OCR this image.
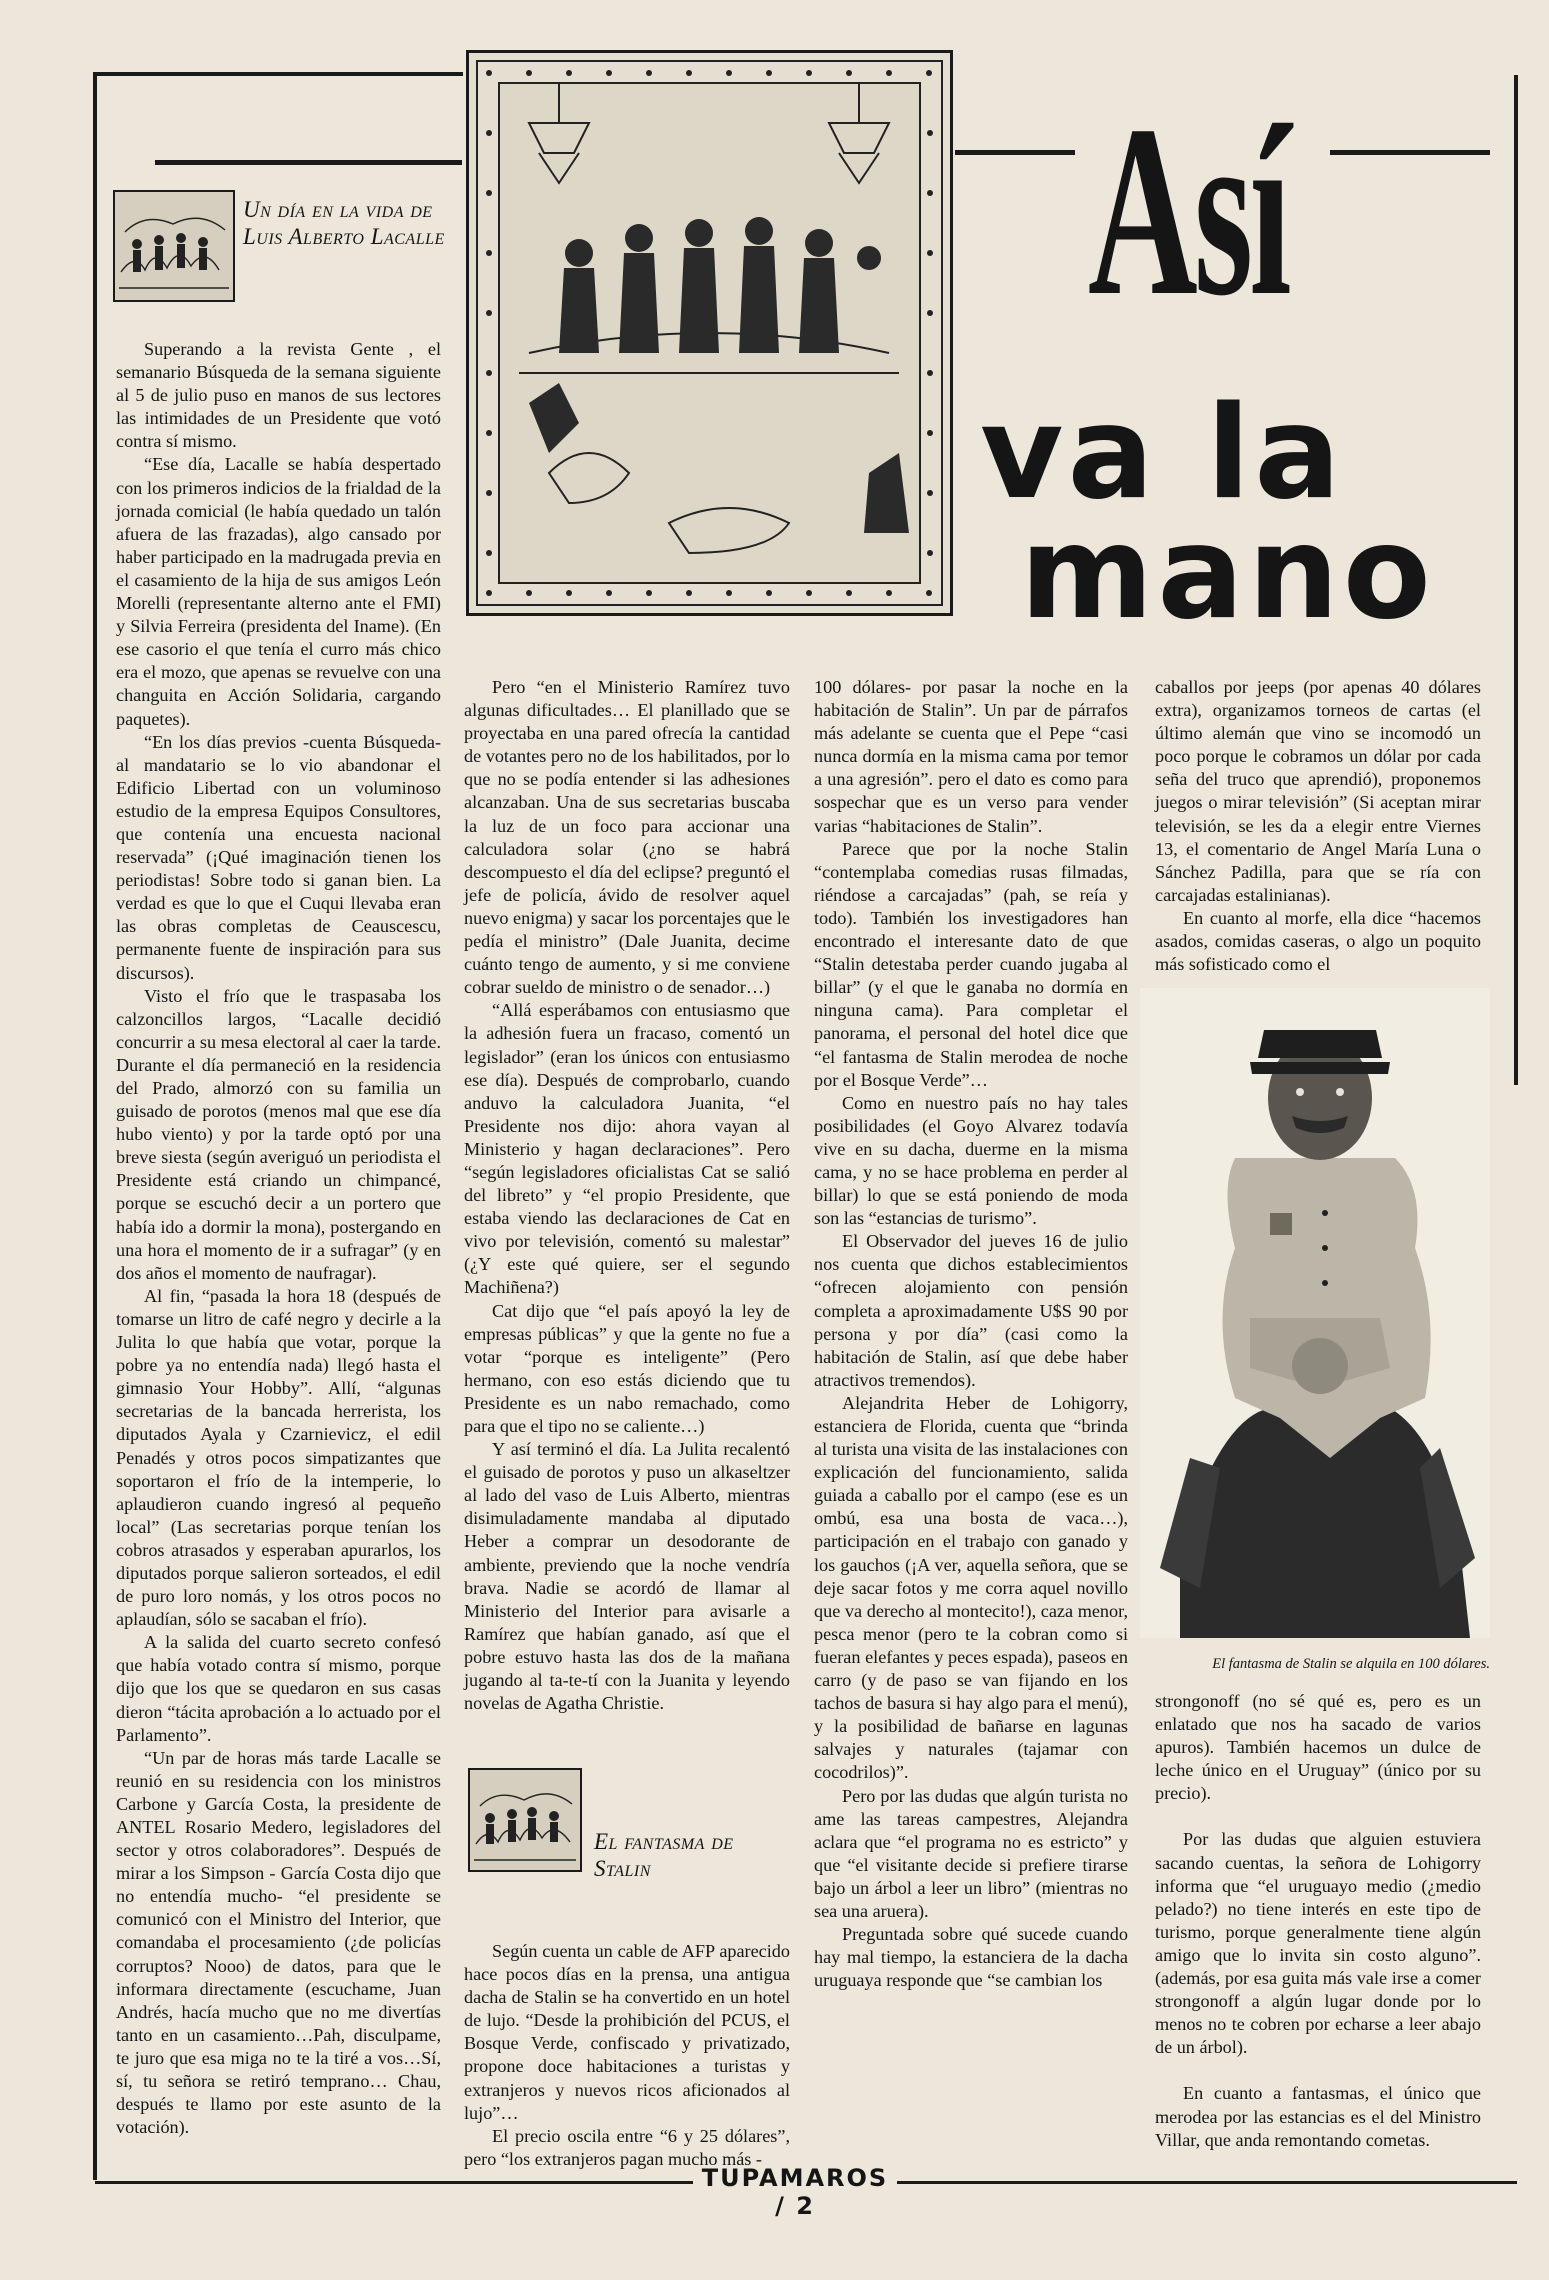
Un día en la vida de Luis Alberto Lacalle	Así
va la
mano

Superando a la revista Gente , el semanario Búsqueda de la semana siguiente al 5 de julio puso en manos de sus lectores las intimidades de un Presidente que votó contra sí mismo.

“Ese día, Lacalle se había despertado con los primeros indicios de la frialdad de la jornada comicial (le había quedado un talón afuera de las frazadas), algo cansado por haber participado en la madrugada previa en el casamiento de la hija de sus amigos León Morelli (representante alterno ante el FMI) y Silvia Ferreira (presidenta del Iname). (En ese casorio el que tenía el curro más chico era el mozo, que apenas se revuelve con una changuita en Acción Solidaria, cargando paquetes).

“En los días previos -cuenta Búsqueda- al mandatario se lo vio abandonar el Edificio Libertad con un voluminoso estudio de la empresa Equipos Consultores, que contenía una encuesta nacional reservada” (¡Qué imaginación tienen los periodistas! Sobre todo si ganan bien. La verdad es que lo que el Cuqui llevaba eran las obras completas de Ceauscescu, permanente fuente de inspiración para sus discursos).

Visto el frío que le traspasaba los calzoncillos largos, “Lacalle decidió concurrir a su mesa electoral al caer la tarde. Durante el día permaneció en la residencia del Prado, almorzó con su familia un guisado de porotos (menos mal que ese día hubo viento) y por la tarde optó por una breve siesta (según averiguó un periodista el Presidente está criando un chimpancé, porque se escuchó decir a un portero que había ido a dormir la mona), postergando en una hora el momento de ir a sufragar” (y en dos años el momento de naufragar).

Al fin, “pasada la hora 18 (después de tomarse un litro de café negro y decirle a la Julita lo que había que votar, porque la pobre ya no entendía nada) llegó hasta el gimnasio Your Hobby”. Allí, “algunas secretarias de la bancada herrerista, los diputados Ayala y Czarnievicz, el edil Penadés y otros pocos simpatizantes que soportaron el frío de la intemperie, lo aplaudieron cuando ingresó al pequeño local” (Las secretarias porque tenían los cobros atrasados y esperaban apurarlos, los diputados porque salieron sorteados, el edil de puro loro nomás, y los otros pocos no aplaudían, sólo se sacaban el frío).

A la salida del cuarto secreto confesó que había votado contra sí mismo, porque dijo que los que se quedaron en sus casas dieron “tácita aprobación a lo actuado por el Parlamento”.

“Un par de horas más tarde Lacalle se reunió en su residencia con los ministros Carbone y García Costa, la presidente de ANTEL Rosario Medero, legisladores del sector y otros colaboradores”. Después de mirar a los Simpson - García Costa dijo que no entendía mucho- “el presidente se comunicó con el Ministro del Interior, que comandaba el procesamiento (¿de policías corruptos? Nooo) de datos, para que le informara directamente (escuchame, Juan Andrés, hacía mucho que no me divertías tanto en un casamiento…Pah, disculpame, te juro que esa miga no te la tiré a vos…Sí, sí, tu señora se retiró temprano… Chau, después te llamo por este asunto de la votación).

Pero “en el Ministerio Ramírez tuvo algunas dificultades… El planillado que se proyectaba en una pared ofrecía la cantidad de votantes pero no de los habilitados, por lo que no se podía entender si las adhesiones alcanzaban. Una de sus secretarias buscaba la luz de un foco para accionar una calculadora solar (¿no se habrá descompuesto el día del eclipse? preguntó el jefe de policía, ávido de resolver aquel nuevo enigma) y sacar los porcentajes que le pedía el ministro” (Dale Juanita, decime cuánto tengo de aumento, y si me conviene cobrar sueldo de ministro o de senador…)

“Allá esperábamos con entusiasmo que la adhesión fuera un fracaso, comentó un legislador” (eran los únicos con entusiasmo ese día). Después de comprobarlo, cuando anduvo la calculadora Juanita, “el Presidente nos dijo: ahora vayan al Ministerio y hagan declaraciones”. Pero “según legisladores oficialistas Cat se salió del libreto” y “el propio Presidente, que estaba viendo las declaraciones de Cat en vivo por televisión, comentó su malestar” (¿Y este qué quiere, ser el segundo Machiñena?)

Cat dijo que “el país apoyó la ley de empresas públicas” y que la gente no fue a votar “porque es inteligente” (Pero hermano, con eso estás diciendo que tu Presidente es un nabo remachado, como para que el tipo no se caliente…)

Y así terminó el día. La Julita recalentó el guisado de porotos y puso un alkaseltzer al lado del vaso de Luis Alberto, mientras disimuladamente mandaba al diputado Heber a comprar un desodorante de ambiente, previendo que la noche vendría brava. Nadie se acordó de llamar al Ministerio del Interior para avisarle a Ramírez que habían ganado, así que el pobre estuvo hasta las dos de la mañana jugando al ta-te-tí con la Juanita y leyendo novelas de Agatha Christie.

El fantasma de Stalin

Según cuenta un cable de AFP aparecido hace pocos días en la prensa, una antigua dacha de Stalin se ha convertido en un hotel de lujo. “Desde la prohibición del PCUS, el Bosque Verde, confiscado y privatizado, propone doce habitaciones a turistas y extranjeros y nuevos ricos aficionados al lujo”…

El precio oscila entre “6 y 25 dólares”, pero “los extranjeros pagan mucho más -

100 dólares- por pasar la noche en la habitación de Stalin”. Un par de párrafos más adelante se cuenta que el Pepe “casi nunca dormía en la misma cama por temor a una agresión”. pero el dato es como para sospechar que es un verso para vender varias “habitaciones de Stalin”.

Parece que por la noche Stalin “contemplaba comedias rusas filmadas, riéndose a carcajadas” (pah, se reía y todo). También los investigadores han encontrado el interesante dato de que “Stalin detestaba perder cuando jugaba al billar” (y el que le ganaba no dormía en ninguna cama). Para completar el panorama, el personal del hotel dice que “el fantasma de Stalin merodea de noche por el Bosque Verde”…

Como en nuestro país no hay tales posibilidades (el Goyo Alvarez todavía vive en su dacha, duerme en la misma cama, y no se hace problema en perder al billar) lo que se está poniendo de moda son las “estancias de turismo”.

El Observador del jueves 16 de julio nos cuenta que dichos establecimientos “ofrecen alojamiento con pensión completa a aproximadamente U$S 90 por persona y por día” (casi como la habitación de Stalin, así que debe haber atractivos tremendos).

Alejandrita Heber de Lohigorry, estanciera de Florida, cuenta que “brinda al turista una visita de las instalaciones con explicación del funcionamiento, salida guiada a caballo por el campo (ese es un ombú, esa una bosta de vaca…), participación en el trabajo con ganado y los gauchos (¡A ver, aquella señora, que se deje sacar fotos y me corra aquel novillo que va derecho al montecito!), caza menor, pesca menor (pero te la cobran como si fueran elefantes y peces espada), paseos en carro (y de paso se van fijando en los tachos de basura si hay algo para el menú), y la posibilidad de bañarse en lagunas salvajes y naturales (tajamar con cocodrilos)”.

Pero por las dudas que algún turista no ame las tareas campestres, Alejandra aclara que “el programa no es estricto” y que “el visitante decide si prefiere tirarse bajo un árbol a leer un libro” (mientras no sea una aruera).

Preguntada sobre qué sucede cuando hay mal tiempo, la estanciera de la dacha uruguaya responde que “se cambian los

caballos por jeeps (por apenas 40 dólares extra), organizamos torneos de cartas (el último alemán que vino se incomodó un poco porque le cobramos un dólar por cada seña del truco que aprendió), proponemos juegos o mirar televisión” (Si aceptan mirar televisión, se les da a elegir entre Viernes 13, el comentario de Angel María Luna o Sánchez Padilla, para que se ría con carcajadas estalinianas).

En cuanto al morfe, ella dice “hacemos asados, comidas caseras, o algo un poquito más sofisticado como el

El fantasma de Stalin se alquila en 100 dólares.

strongonoff (no sé qué es, pero es un enlatado que nos ha sacado de varios apuros). También hacemos un dulce de leche único en el Uruguay” (único por su precio).

Por las dudas que alguien estuviera sacando cuentas, la señora de Lohigorry informa que “el uruguayo medio (¿medio pelado?) no tiene interés en este tipo de turismo, porque generalmente tiene algún amigo que lo invita sin costo alguno”. (además, por esa guita más vale irse a comer strongonoff a algún lugar donde por lo menos no te cobren por echarse a leer abajo de un árbol).

En cuanto a fantasmas, el único que merodea por las estancias es el del Ministro Villar, que anda remontando cometas.

TUPAMAROS / 2
